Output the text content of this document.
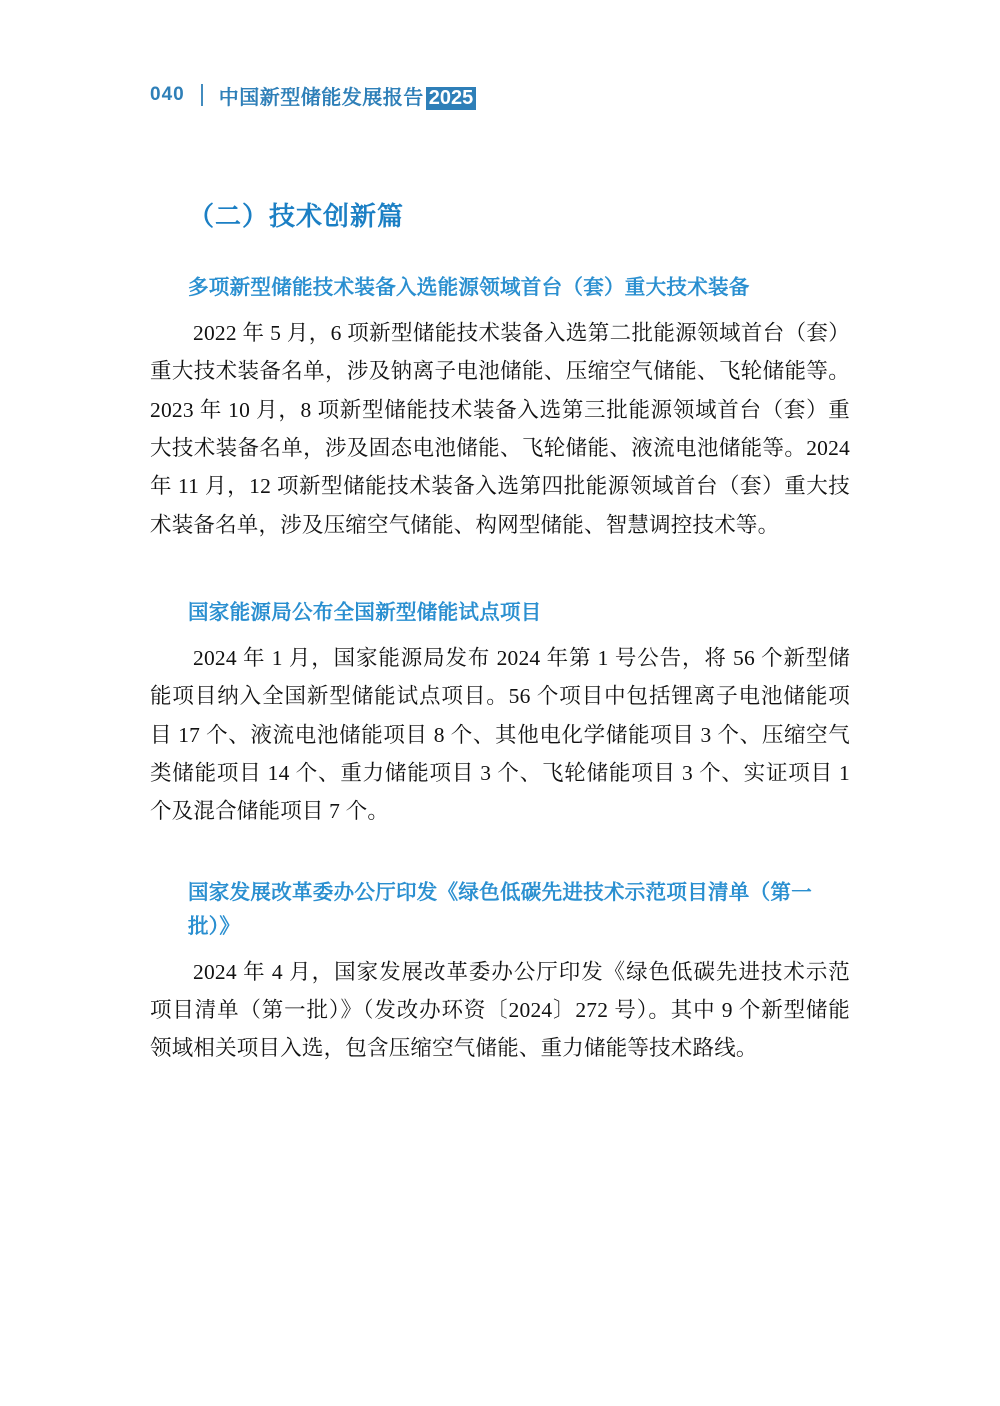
040 中国新型储能发展报告 2025
（二）技术创新篇
多项新型储能技术装备入选能源领域首台（套）重大技术装备

2022 年 5 月，6 项新型储能技术装备入选第二批能源领域首台（套）重大技术装备名单，涉及钠离子电池储能、压缩空气储能、飞轮储能等。2023 年 10 月，8 项新型储能技术装备入选第三批能源领域首台（套）重大技术装备名单，涉及固态电池储能、飞轮储能、液流电池储能等。2024 年 11 月，12 项新型储能技术装备入选第四批能源领域首台（套）重大技术装备名单，涉及压缩空气储能、构网型储能、智慧调控技术等。

国家能源局公布全国新型储能试点项目

2024 年 1 月，国家能源局发布 2024 年第 1 号公告，将 56 个新型储能项目纳入全国新型储能试点项目。56 个项目中包括锂离子电池储能项目 17 个、液流电池储能项目 8 个、其他电化学储能项目 3 个、压缩空气类储能项目 14 个、重力储能项目 3 个、飞轮储能项目 3 个、实证项目 1 个及混合储能项目 7 个。

国家发展改革委办公厅印发《绿色低碳先进技术示范项目清单（第一批）》

2024 年 4 月，国家发展改革委办公厅印发《绿色低碳先进技术示范项目清单（第一批）》（发改办环资〔2024〕272 号）。其中 9 个新型储能领域相关项目入选，包含压缩空气储能、重力储能等技术路线。
